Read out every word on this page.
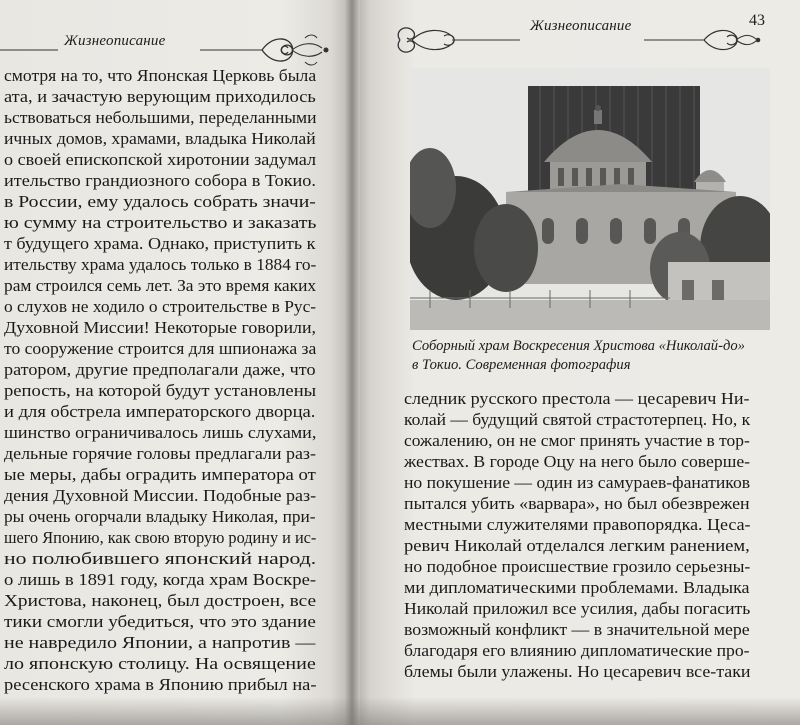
Жизнеописание
смотря на то, что Японская Церковь была
ата, и зачастую верующим приходилось
ьствоваться небольшими, переделанными
ичных домов, храмами, владыка Николай
о своей епископской хиротонии задумал
ительство грандиозного собора в Токио.
в России, ему удалось собрать значи-
ю сумму на строительство и заказать
т будущего храма. Однако, приступить к
ительству храма удалось только в 1884 го-
рам строился семь лет. За это время каких
о слухов не ходило о строительстве в Рус-
Духовной Миссии! Некоторые говорили,
то сооружение строится для шпионажа за
ратором, другие предполагали даже, что
репость, на которой будут установлены
и для обстрела императорского дворца.
шинство ограничивалось лишь слухами,
дельные горячие головы предлагали раз-
ые меры, дабы оградить императора от
дения Духовной Миссии. Подобные раз-
ры очень огорчали владыку Николая, при-
шего Японию, как свою вторую родину и ис-
но полюбившего японский народ.
о лишь в 1891 году, когда храм Воскре-
Христова, наконец, был достроен, все
тики смогли убедиться, что это здание
не навредило Японии, а напротив —
ло японскую столицу. На освящение
ресенского храма в Японию прибыл на-
Жизнеописание	43
Соборный храм Воскресения Христова «Николай-до»
в Токио. Современная фотография
следник русского престола — цесаревич Ни-
колай — будущий святой страстотерпец. Но, к
сожалению, он не смог принять участие в тор-
жествах. В городе Оцу на него было соверше-
но покушение — один из самураев-фанатиков
пытался убить «варвара», но был обезврежен
местными служителями правопорядка. Цеса-
ревич Николай отделался легким ранением,
но подобное происшествие грозило серьезны-
ми дипломатическими проблемами. Владыка
Николай приложил все усилия, дабы погасить
возможный конфликт — в значительной мере
благодаря его влиянию дипломатические про-
блемы были улажены. Но цесаревич все-таки
